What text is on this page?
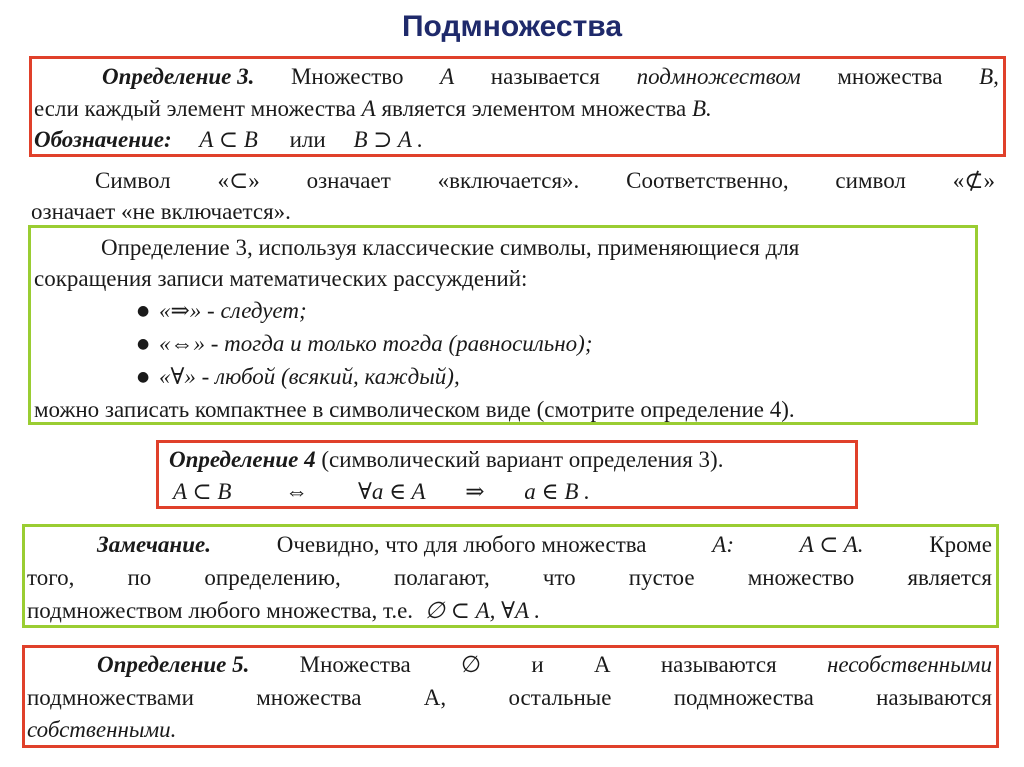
Подмножества
Определение 3. Множество A называется подмножеством множества B,
если каждый элемент множества A является элементом множества B.
Обозначение: A ⊂ B или B ⊃ A .
Символ «⊂» означает «включается». Соответственно, символ «⊄»
означает «не включается».
Определение 3, используя классические символы, применяющиеся для
сокращения записи математических рассуждений:
● «⇒» - следует;
● «⇔» - тогда и только тогда (равносильно);
● «∀» - любой (всякий, каждый),
можно записать компактнее в символическом виде (смотрите определение 4).
Определение 4 (символический вариант определения 3).
A ⊂ B ⇔ ∀a ∈ A ⇒ a ∈ B .
Замечание.	Очевидно, что для любого множества	A:	A ⊂ A.	Кроме
того, по определению, полагают, что пустое множество является
подмножеством любого множества, т.е. ∅ ⊂ A, ∀A .
Определение 5. Множества ∅ и А называются несобственными
подмножествами	множества	А,	остальные	подмножества	называются
собственными.
